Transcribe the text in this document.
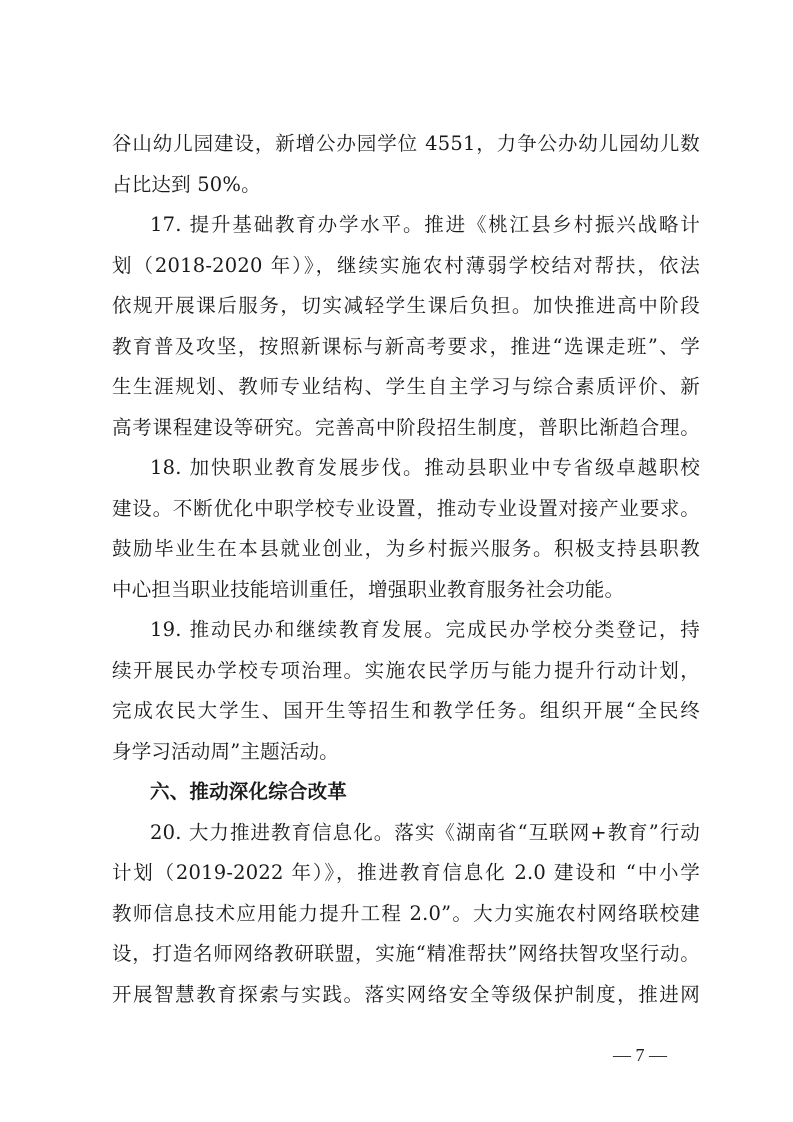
谷山幼儿园建设，新增公办园学位 4551，力争公办幼儿园幼儿数
占比达到 50%。
17. 提升基础教育办学水平。推进《桃江县乡村振兴战略计
划（2018-2020 年）》，继续实施农村薄弱学校结对帮扶，依法
依规开展课后服务，切实减轻学生课后负担。加快推进高中阶段
教育普及攻坚，按照新课标与新高考要求，推进“选课走班”、学
生生涯规划、教师专业结构、学生自主学习与综合素质评价、新
高考课程建设等研究。完善高中阶段招生制度，普职比渐趋合理。
18. 加快职业教育发展步伐。推动县职业中专省级卓越职校
建设。不断优化中职学校专业设置，推动专业设置对接产业要求。
鼓励毕业生在本县就业创业，为乡村振兴服务。积极支持县职教
中心担当职业技能培训重任，增强职业教育服务社会功能。
19. 推动民办和继续教育发展。完成民办学校分类登记，持
续开展民办学校专项治理。实施农民学历与能力提升行动计划，
完成农民大学生、国开生等招生和教学任务。组织开展“全民终
身学习活动周”主题活动。
六、推动深化综合改革
20. 大力推进教育信息化。落实《湖南省“互联网+教育”行动
计划（2019-2022 年）》，推进教育信息化 2.0 建设和 “中小学
教师信息技术应用能力提升工程 2.0”。大力实施农村网络联校建
设，打造名师网络教研联盟，实施“精准帮扶”网络扶智攻坚行动。
开展智慧教育探索与实践。落实网络安全等级保护制度，推进网
— 7 —
